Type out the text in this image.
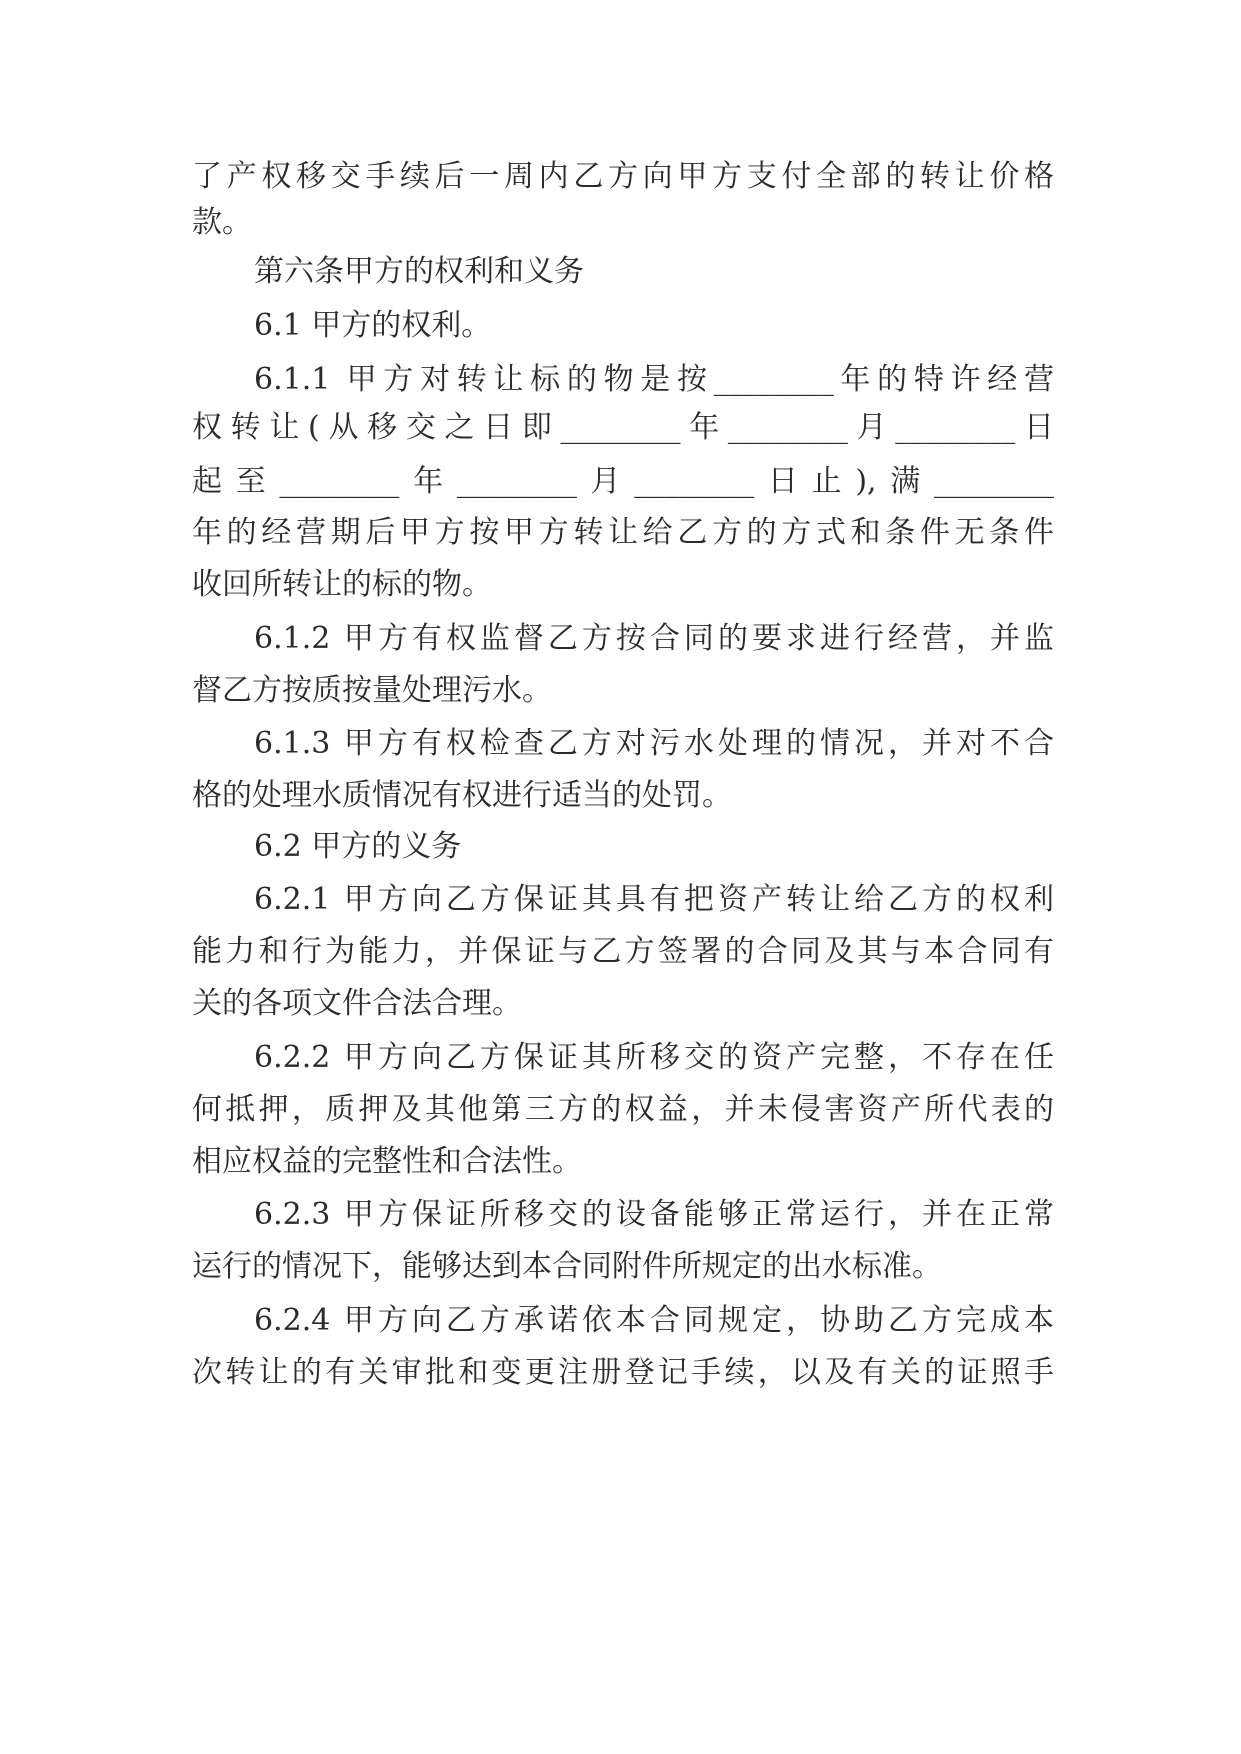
了产权移交手续后一周内乙方向甲方支付全部的转让价格
款。
第六条甲方的权利和义务
6.1 甲方的权利。
6.1.1 甲方对转让标的物是按________年的特许经营
权转让(从移交之日即________年________月________日
起至________年________月________日止),满________
年的经营期后甲方按甲方转让给乙方的方式和条件无条件
收回所转让的标的物。
6.1.2 甲方有权监督乙方按合同的要求进行经营，并监
督乙方按质按量处理污水。
6.1.3 甲方有权检查乙方对污水处理的情况，并对不合
格的处理水质情况有权进行适当的处罚。
6.2 甲方的义务
6.2.1 甲方向乙方保证其具有把资产转让给乙方的权利
能力和行为能力，并保证与乙方签署的合同及其与本合同有
关的各项文件合法合理。
6.2.2 甲方向乙方保证其所移交的资产完整，不存在任
何抵押，质押及其他第三方的权益，并未侵害资产所代表的
相应权益的完整性和合法性。
6.2.3 甲方保证所移交的设备能够正常运行，并在正常
运行的情况下，能够达到本合同附件所规定的出水标准。
6.2.4 甲方向乙方承诺依本合同规定，协助乙方完成本
次转让的有关审批和变更注册登记手续，以及有关的证照手
